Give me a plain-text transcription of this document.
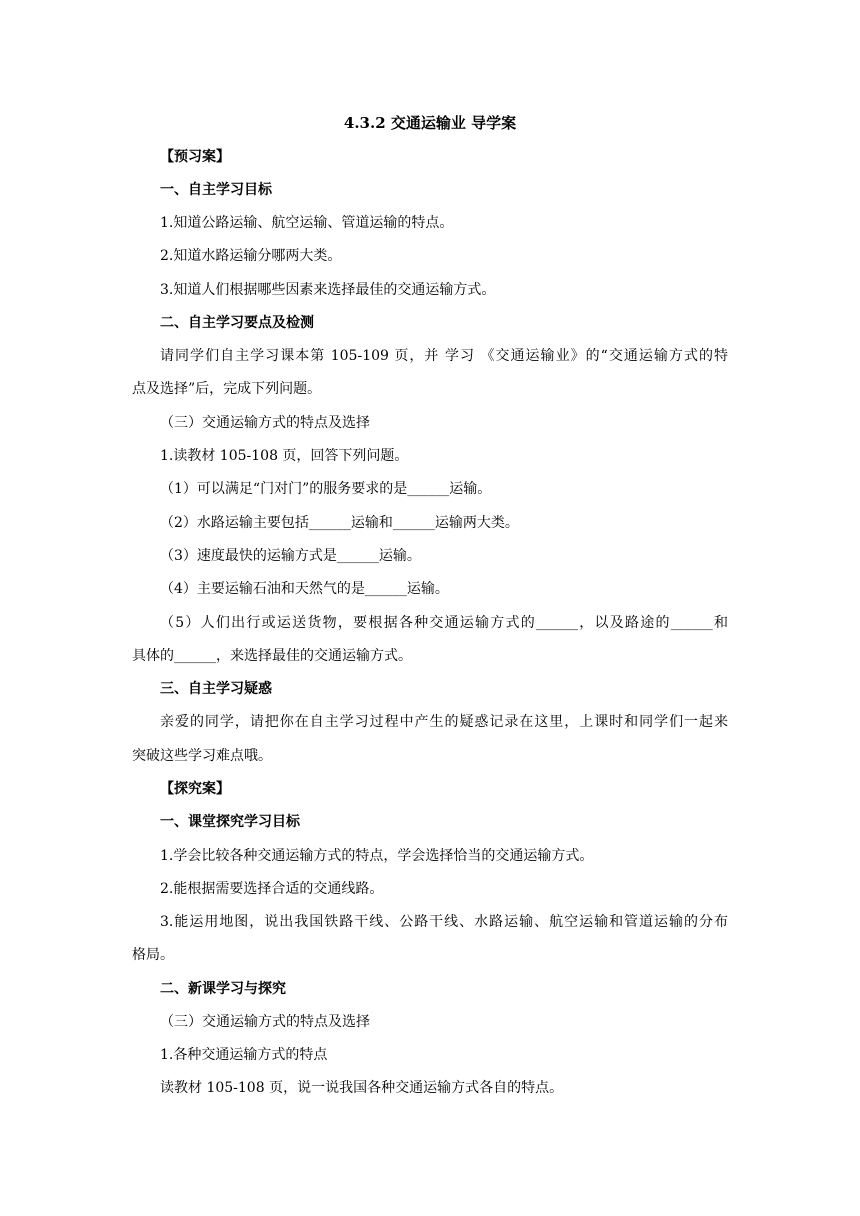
4.3.2 交通运输业 导学案
【预习案】
一、自主学习目标
1.知道公路运输、航空运输、管道运输的特点。
2.知道水路运输分哪两大类。
3.知道人们根据哪些因素来选择最佳的交通运输方式。
二、自主学习要点及检测
请同学们自主学习课本第 105-109 页，并 学习 《交通运输业》的“交通运输方式的特
点及选择”后，完成下列问题。
（三）交通运输方式的特点及选择
1.读教材 105-108 页，回答下列问题。
（1）可以满足“门对门”的服务要求的是______运输。
（2）水路运输主要包括______运输和______运输两大类。
（3）速度最快的运输方式是______运输。
（4）主要运输石油和天然气的是______运输。
（5）人们出行或运送货物，要根据各种交通运输方式的______，以及路途的______和
具体的______，来选择最佳的交通运输方式。
三、自主学习疑惑
亲爱的同学，请把你在自主学习过程中产生的疑惑记录在这里，上课时和同学们一起来
突破这些学习难点哦。
【探究案】
一、课堂探究学习目标
1.学会比较各种交通运输方式的特点，学会选择恰当的交通运输方式。
2.能根据需要选择合适的交通线路。
3.能运用地图，说出我国铁路干线、公路干线、水路运输、航空运输和管道运输的分布
格局。
二、新课学习与探究
（三）交通运输方式的特点及选择
1.各种交通运输方式的特点
读教材 105-108 页，说一说我国各种交通运输方式各自的特点。
